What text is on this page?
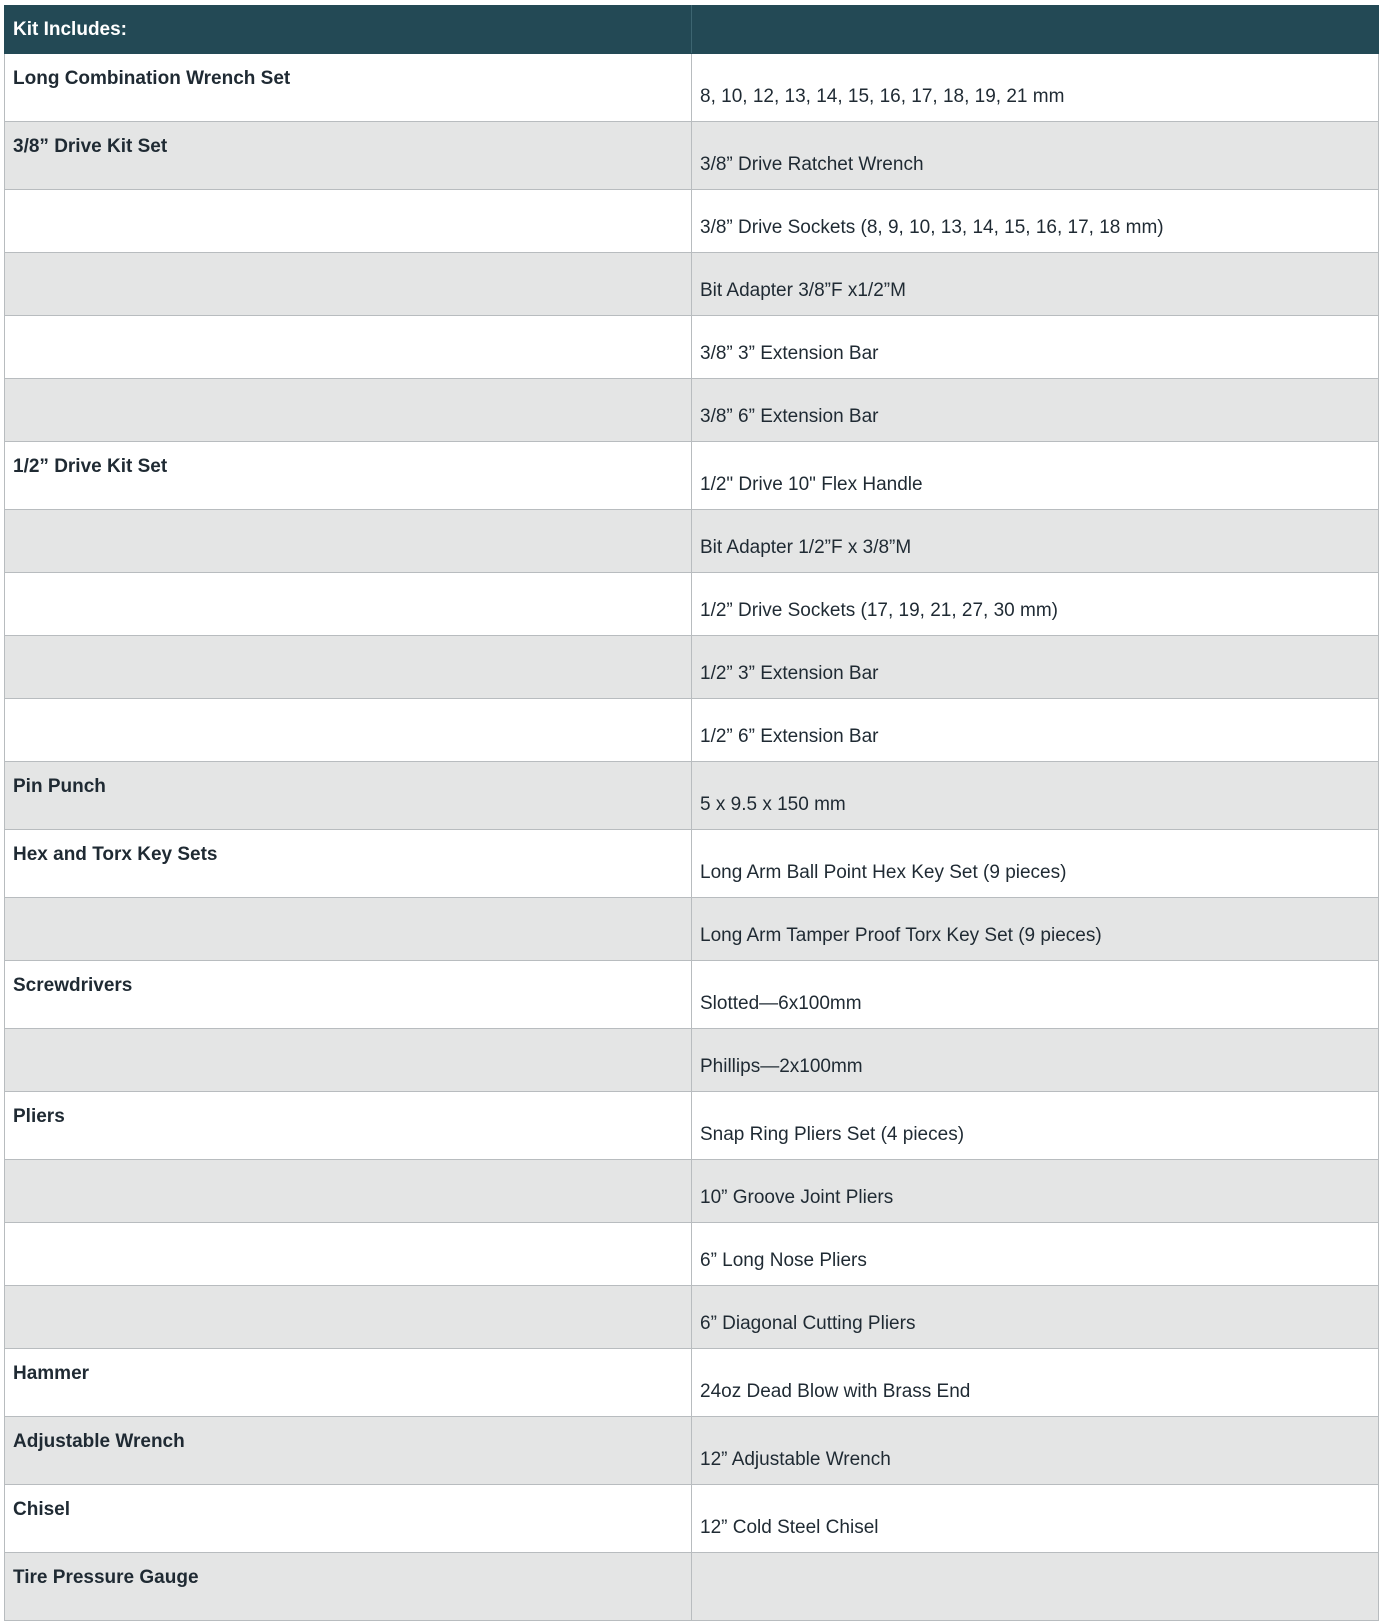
Kit Includes:	
Long Combination Wrench Set	8, 10, 12, 13, 14, 15, 16, 17, 18, 19, 21 mm
3/8” Drive Kit Set	3/8” Drive Ratchet Wrench
	3/8” Drive Sockets (8, 9, 10, 13, 14, 15, 16, 17, 18 mm)
	Bit Adapter 3/8”F x1/2”M
	3/8” 3” Extension Bar
	3/8” 6” Extension Bar
1/2” Drive Kit Set	1/2" Drive 10" Flex Handle
	Bit Adapter 1/2”F x 3/8”M
	1/2” Drive Sockets (17, 19, 21, 27, 30 mm)
	1/2” 3” Extension Bar
	1/2” 6” Extension Bar
Pin Punch	5 x 9.5 x 150 mm
Hex and Torx Key Sets	Long Arm Ball Point Hex Key Set (9 pieces)
	Long Arm Tamper Proof Torx Key Set (9 pieces)
Screwdrivers	Slotted—6x100mm
	Phillips—2x100mm
Pliers	Snap Ring Pliers Set (4 pieces)
	10” Groove Joint Pliers
	6” Long Nose Pliers
	6” Diagonal Cutting Pliers
Hammer	24oz Dead Blow with Brass End
Adjustable Wrench	12” Adjustable Wrench
Chisel	12” Cold Steel Chisel
Tire Pressure Gauge	
